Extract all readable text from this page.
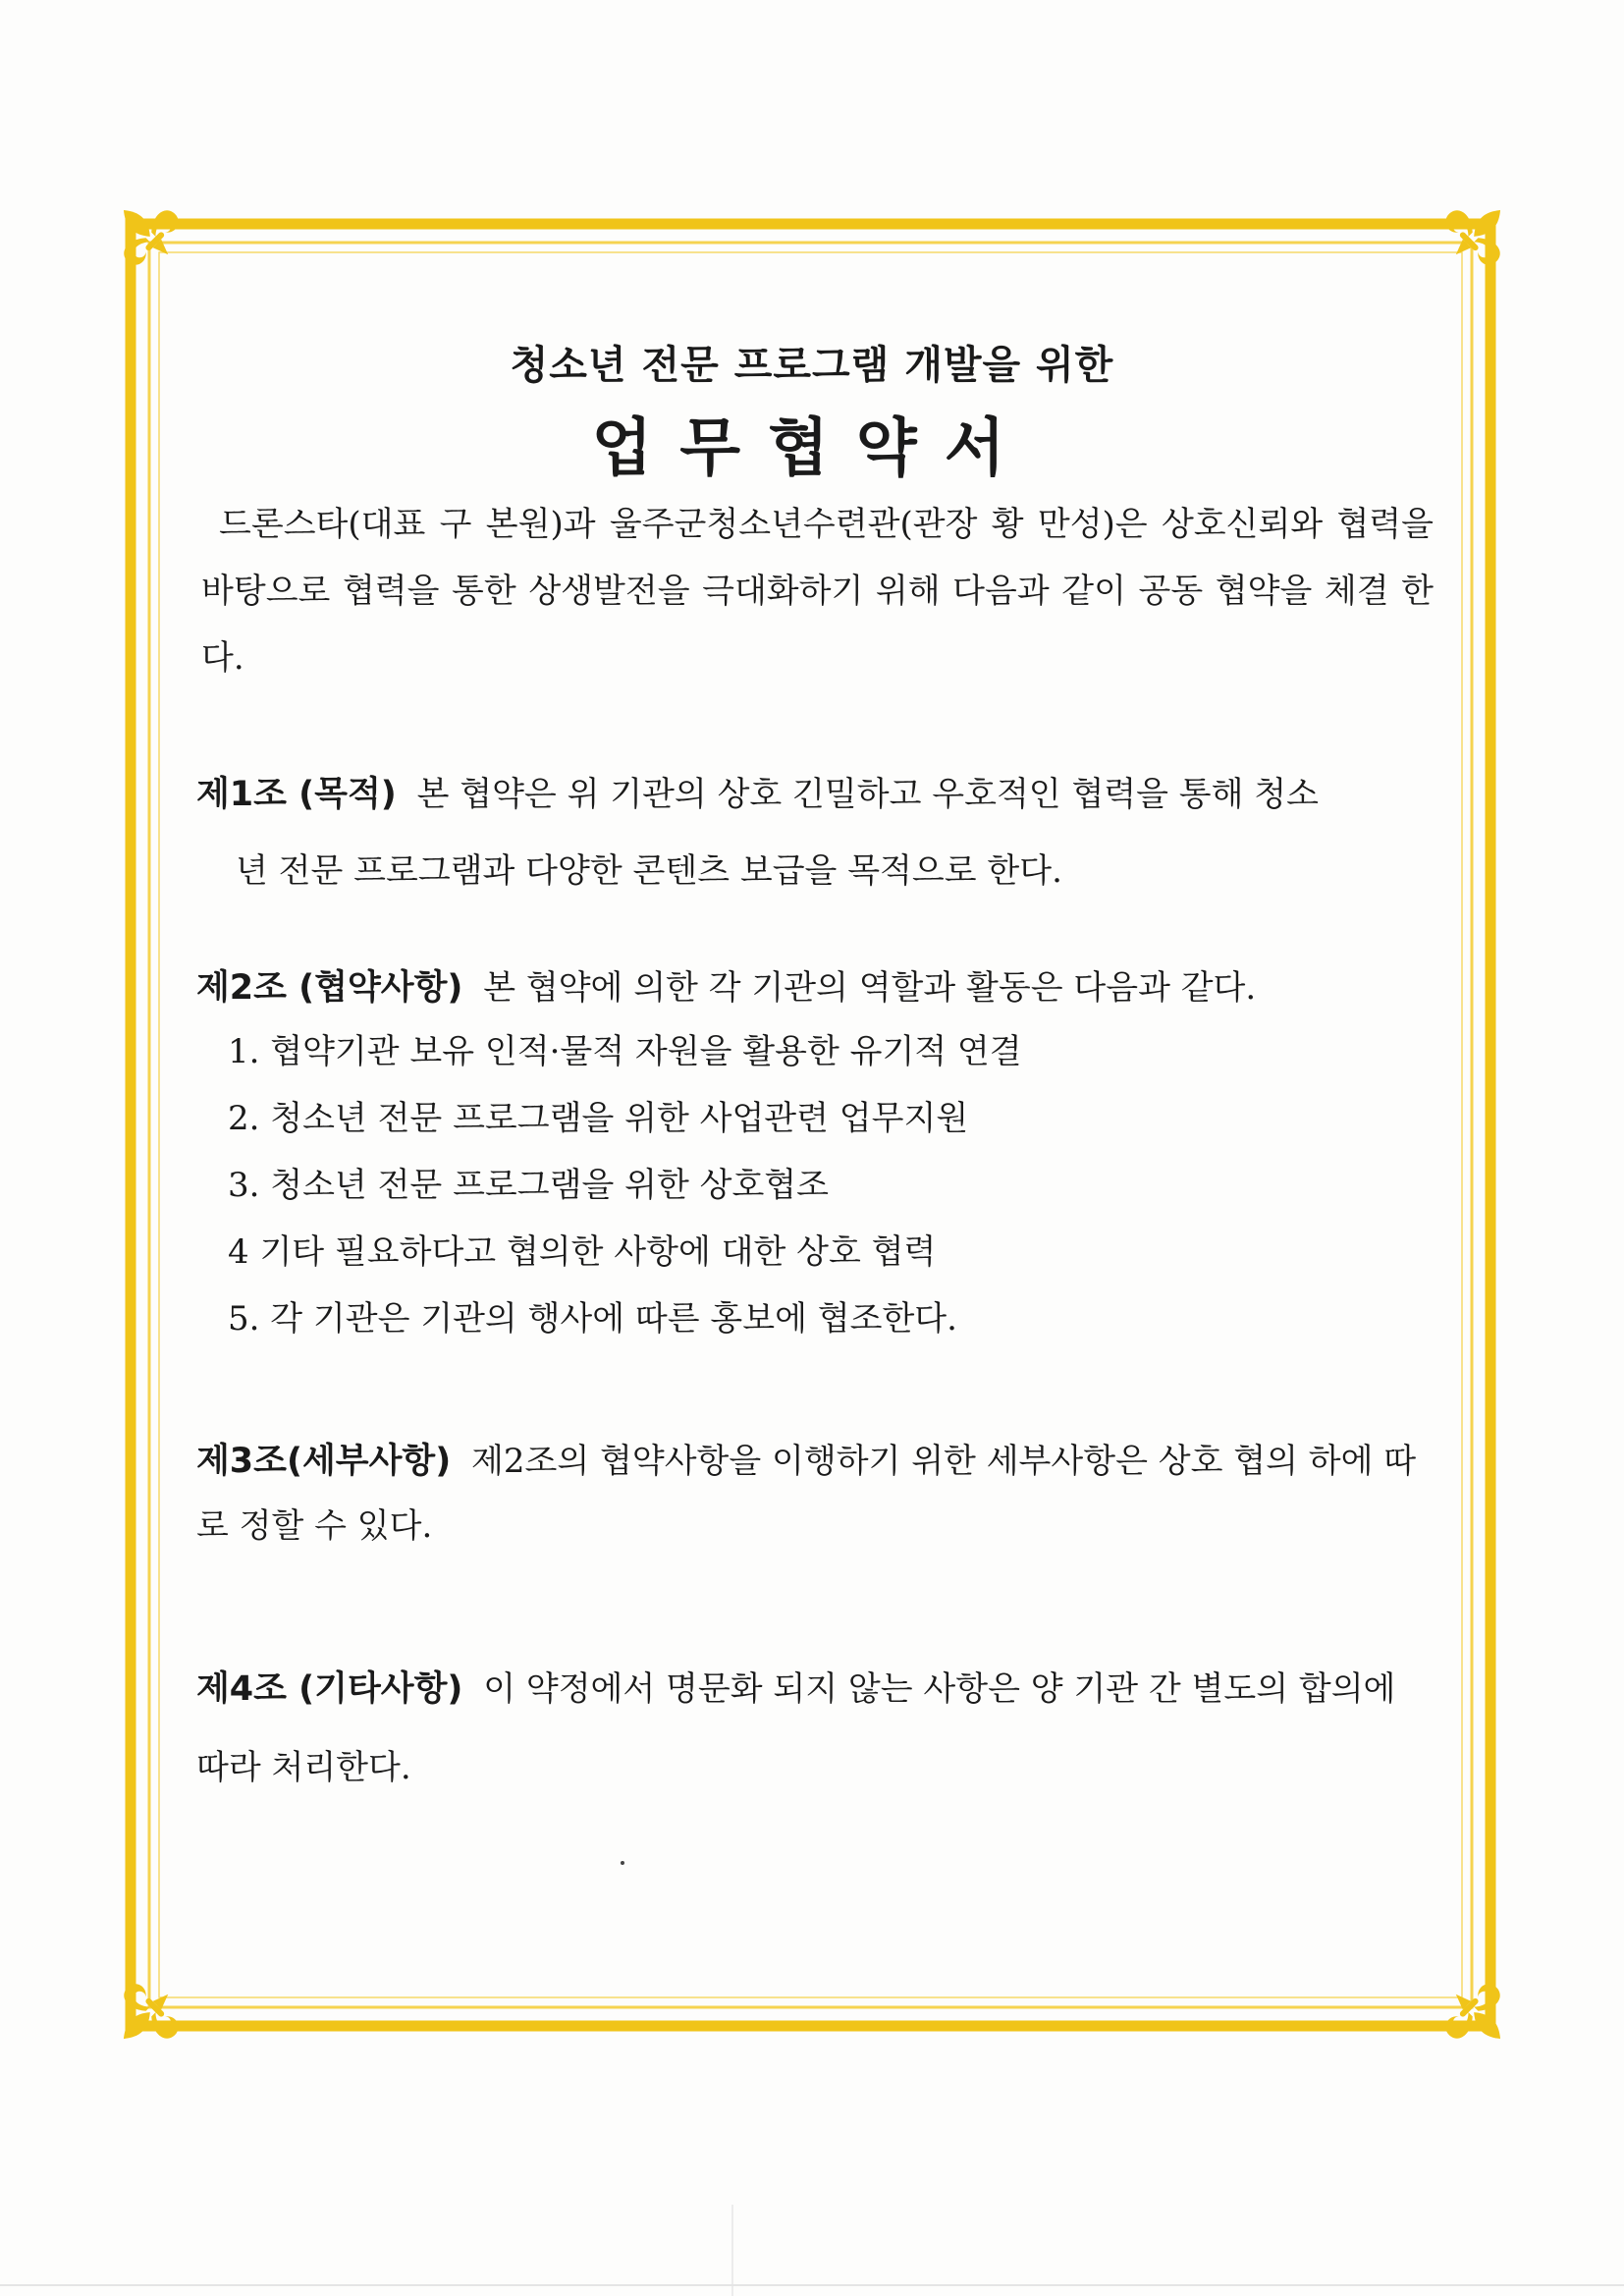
청소년 전문 프로그램 개발을 위한
업무협약서
드론스타(대표 구 본원)과 울주군청소년수련관(관장 황 만성)은 상호신뢰와 협력을 바탕으로 협력을 통한 상생발전을 극대화하기 위해 다음과 같이 공동 협약을 체결 한다.
제1조 (목적) 본 협약은 위 기관의 상호 긴밀하고 우호적인 협력을 통해 청소
년 전문 프로그램과 다양한 콘텐츠 보급을 목적으로 한다.
제2조 (협약사항) 본 협약에 의한 각 기관의 역할과 활동은 다음과 같다.
1. 협약기관 보유 인적·물적 자원을 활용한 유기적 연결
2. 청소년 전문 프로그램을 위한 사업관련 업무지원
3. 청소년 전문 프로그램을 위한 상호협조
4 기타 필요하다고 협의한 사항에 대한 상호 협력
5. 각 기관은 기관의 행사에 따른 홍보에 협조한다.
제3조(세부사항) 제2조의 협약사항을 이행하기 위한 세부사항은 상호 협의 하에 따로 정할 수 있다.
제4조 (기타사항) 이 약정에서 명문화 되지 않는 사항은 양 기관 간 별도의 합의에 따라 처리한다.
